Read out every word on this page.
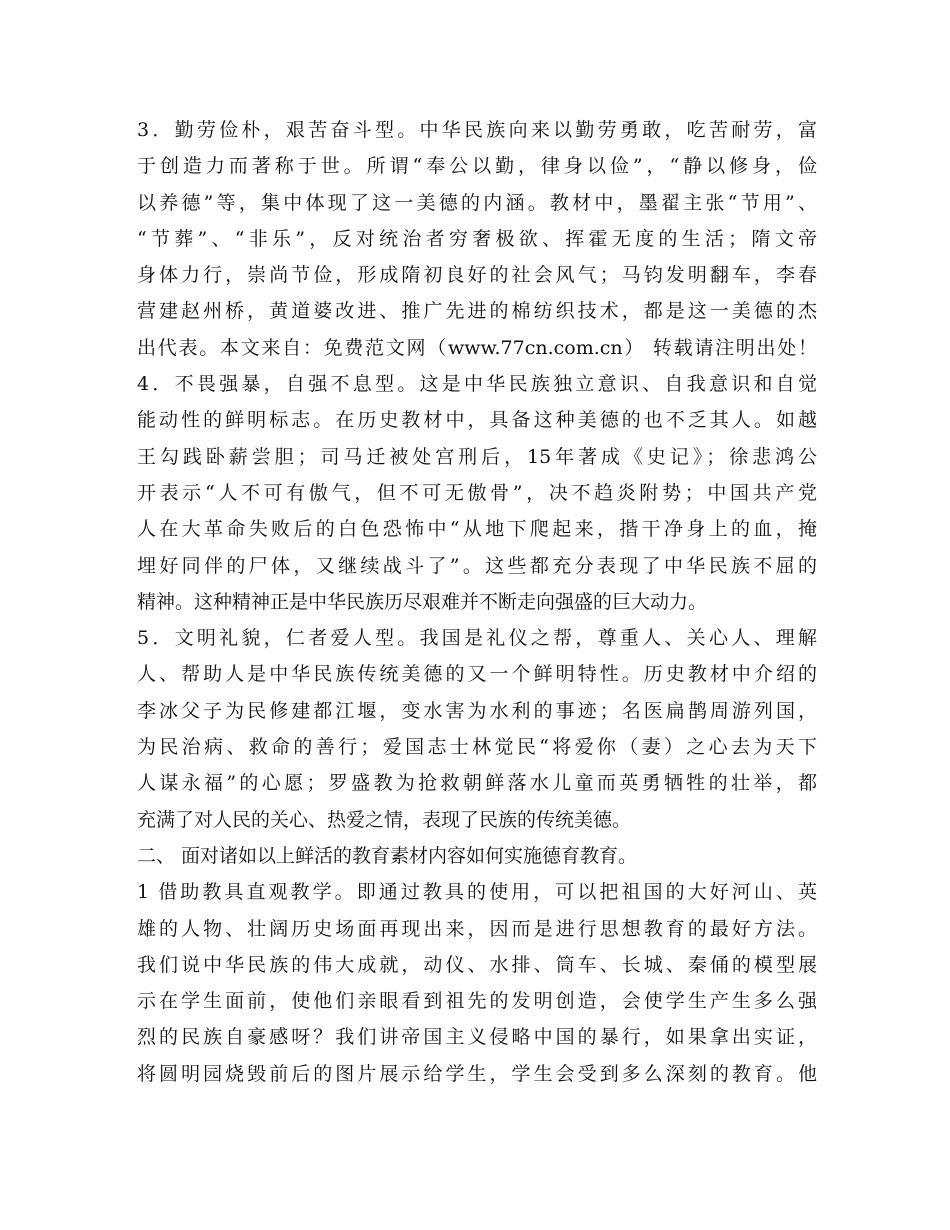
3．勤劳俭朴，艰苦奋斗型。中华民族向来以勤劳勇敢，吃苦耐劳，富
于创造力而著称于世。所谓“奉公以勤，律身以俭”，“静以修身，俭
以养德”等，集中体现了这一美德的内涵。教材中，墨翟主张“节用”、
“节葬”、“非乐”，反对统治者穷奢极欲、挥霍无度的生活；隋文帝
身体力行，崇尚节俭，形成隋初良好的社会风气；马钧发明翻车，李春
营建赵州桥，黄道婆改进、推广先进的棉纺织技术，都是这一美德的杰
出代表。本文来自：免费范文网（www.77cn.com.cn） 转载请注明出处！
4．不畏强暴，自强不息型。这是中华民族独立意识、自我意识和自觉
能动性的鲜明标志。在历史教材中，具备这种美德的也不乏其人。如越
王勾践卧薪尝胆；司马迁被处宫刑后，15年著成《史记》；徐悲鸿公
开表示“人不可有傲气，但不可无傲骨”，决不趋炎附势；中国共产党
人在大革命失败后的白色恐怖中“从地下爬起来，揩干净身上的血，掩
埋好同伴的尸体，又继续战斗了”。这些都充分表现了中华民族不屈的
精神。这种精神正是中华民族历尽艰难并不断走向强盛的巨大动力。
5．文明礼貌，仁者爱人型。我国是礼仪之帮，尊重人、关心人、理解
人、帮助人是中华民族传统美德的又一个鲜明特性。历史教材中介绍的
李冰父子为民修建都江堰，变水害为水利的事迹；名医扁鹊周游列国，
为民治病、救命的善行；爱国志士林觉民“将爱你（妻）之心去为天下
人谋永福”的心愿；罗盛教为抢救朝鲜落水儿童而英勇牺牲的壮举，都
充满了对人民的关心、热爱之情，表现了民族的传统美德。
二、 面对诸如以上鲜活的教育素材内容如何实施德育教育。
1 借助教具直观教学。即通过教具的使用，可以把祖国的大好河山、英
雄的人物、壮阔历史场面再现出来，因而是进行思想教育的最好方法。
我们说中华民族的伟大成就，动仪、水排、筒车、长城、秦俑的模型展
示在学生面前，使他们亲眼看到祖先的发明创造，会使学生产生多么强
烈的民族自豪感呀？我们讲帝国主义侵略中国的暴行，如果拿出实证，
将圆明园烧毁前后的图片展示给学生，学生会受到多么深刻的教育。他
